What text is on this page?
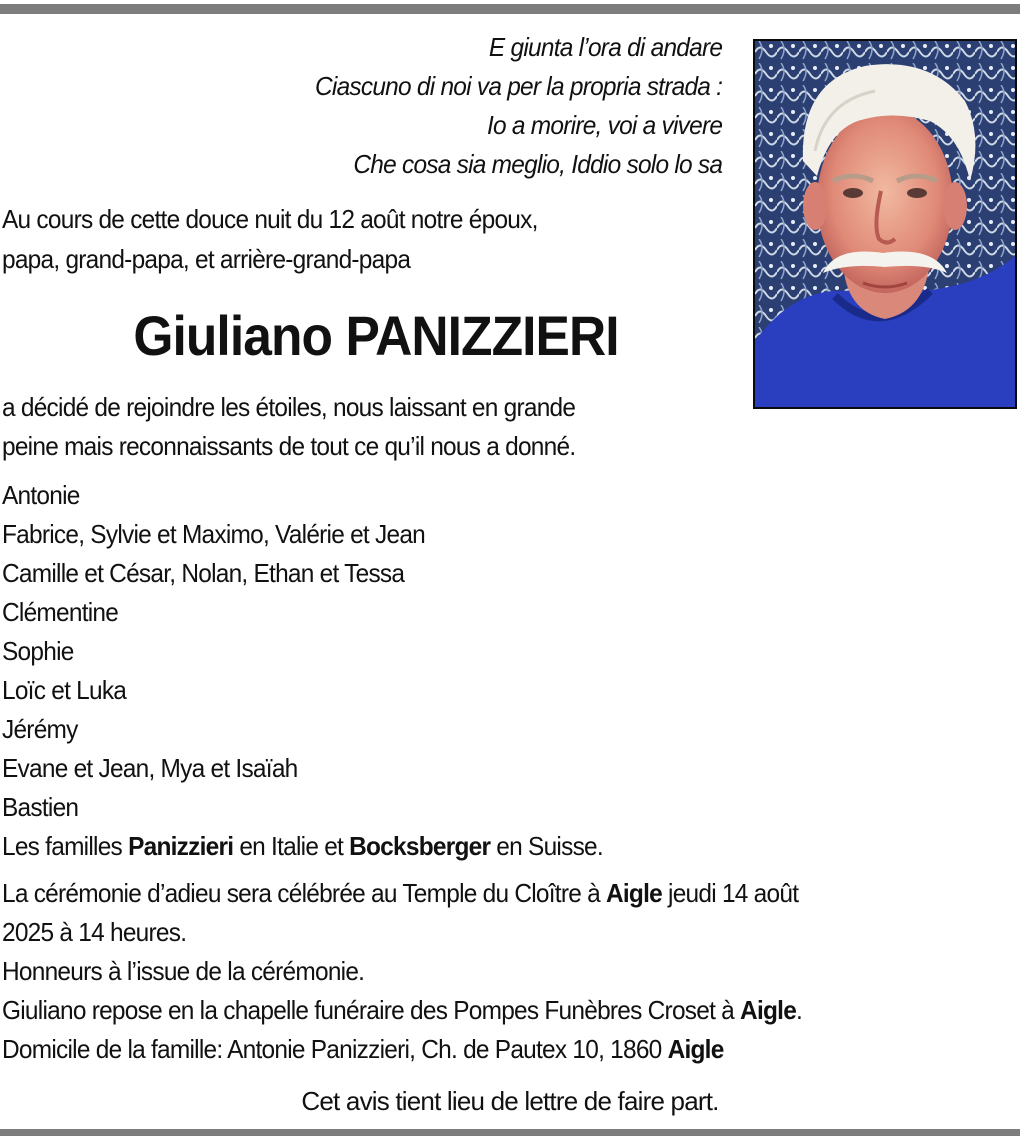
E giunta l’ora di andare
Ciascuno di noi va per la propria strada :
Io a morire, voi a vivere
Che cosa sia meglio, Iddio solo lo sa
Au cours de cette douce nuit du 12 août notre époux,
papa, grand-papa, et arrière-grand-papa
Giuliano PANIZZIERI
a décidé de rejoindre les étoiles, nous laissant en grande
peine mais reconnaissants de tout ce qu’il nous a donné.
Antonie
Fabrice, Sylvie et Maximo, Valérie et Jean
Camille et César, Nolan, Ethan et Tessa
Clémentine
Sophie
Loïc et Luka
Jérémy
Evane et Jean, Mya et Isaïah
Bastien
Les familles Panizzieri en Italie et Bocksberger en Suisse.
La cérémonie d’adieu sera célébrée au Temple du Cloître à Aigle jeudi 14 août
2025 à 14 heures.
Honneurs à l’issue de la cérémonie.
Giuliano repose en la chapelle funéraire des Pompes Funèbres Croset à Aigle.
Domicile de la famille: Antonie Panizzieri, Ch. de Pautex 10, 1860 Aigle
Cet avis tient lieu de lettre de faire part.
